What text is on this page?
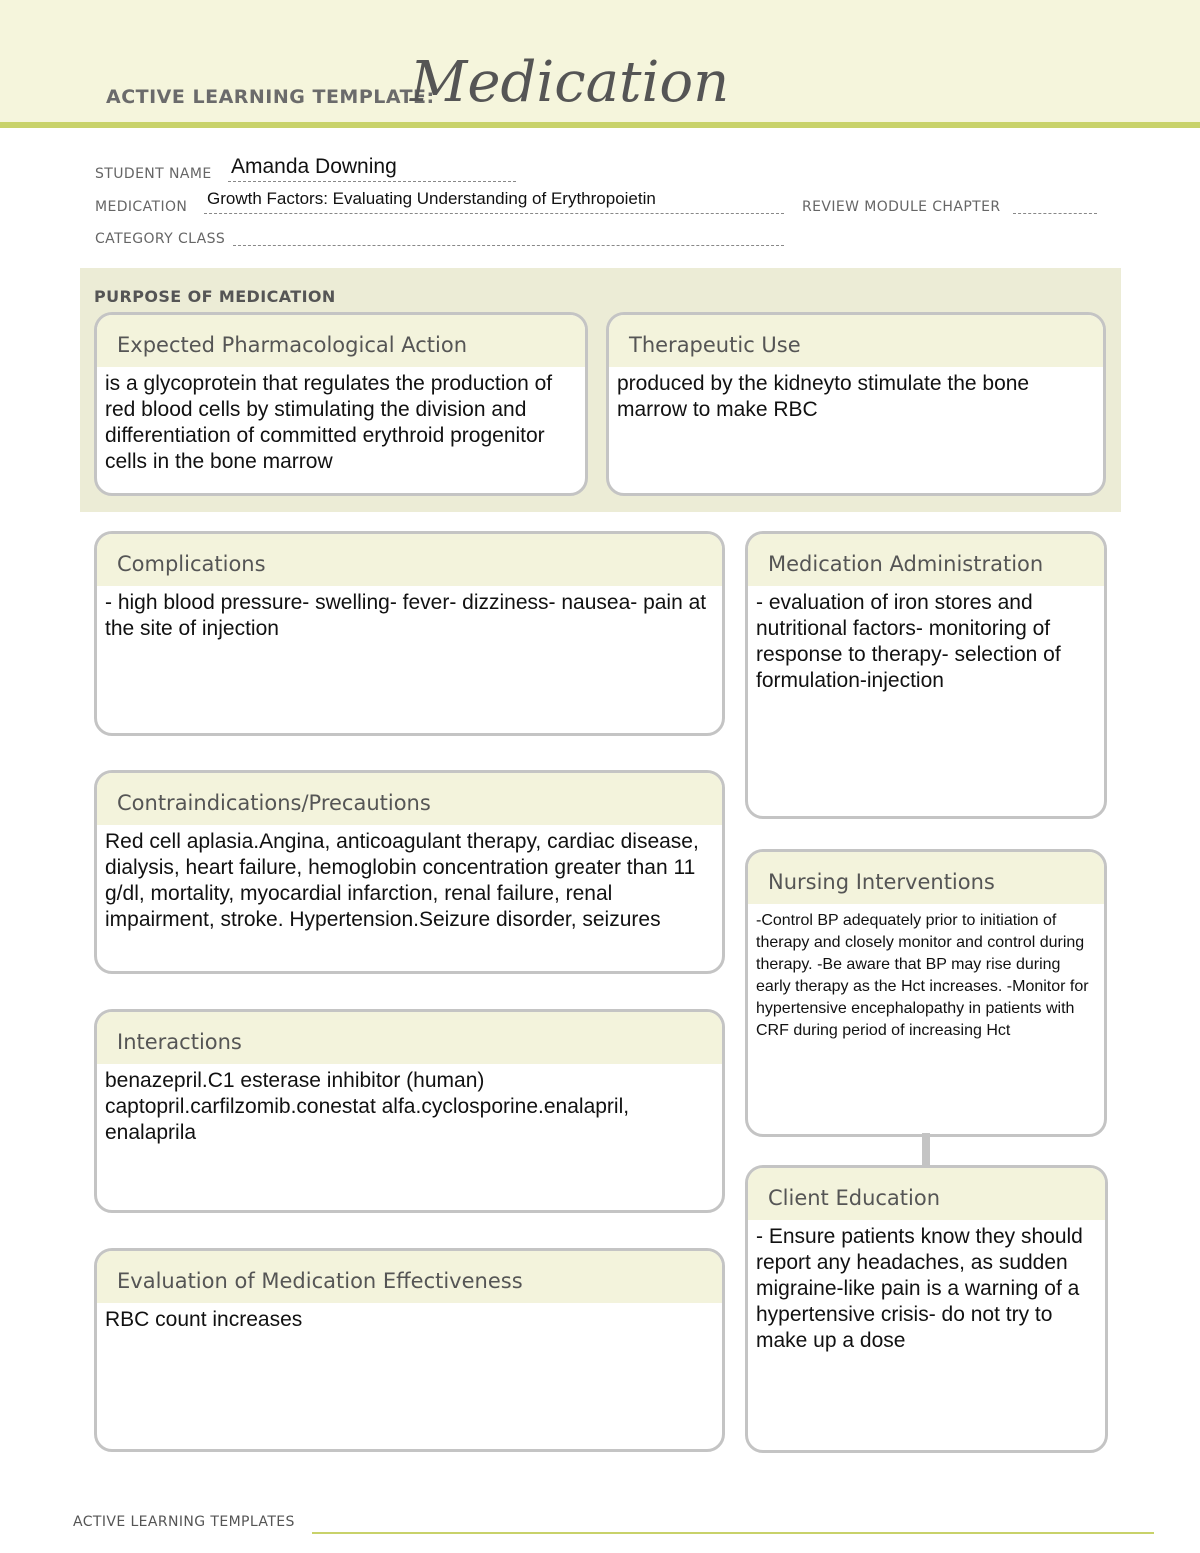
ACTIVE LEARNING TEMPLATE:
Medication
STUDENT NAME Amanda Downing
MEDICATION Growth Factors: Evaluating Understanding of Erythropoietin	REVIEW MODULE CHAPTER
CATEGORY CLASS
PURPOSE OF MEDICATION
Expected Pharmacological Action
is a glycoprotein that regulates the production of red blood cells by stimulating the division and differentiation of committed erythroid progenitor cells in the bone marrow
Therapeutic Use
produced by the kidneyto stimulate the bone marrow to make RBC
Complications
- high blood pressure- swelling- fever- dizziness- nausea- pain at the site of injection
Contraindications/Precautions
Red cell aplasia.Angina, anticoagulant therapy, cardiac disease, dialysis, heart failure, hemoglobin concentration greater than 11 g/dl, mortality, myocardial infarction, renal failure, renal impairment, stroke. Hypertension.Seizure disorder, seizures
Interactions
benazepril.C1 esterase inhibitor (human) captopril.carfilzomib.conestat alfa.cyclosporine.enalapril, enalaprila
Evaluation of Medication Effectiveness
RBC count increases
Medication Administration
- evaluation of iron stores and nutritional factors- monitoring of response to therapy- selection of formulation-injection
Nursing Interventions
-Control BP adequately prior to initiation of therapy and closely monitor and control during therapy. -Be aware that BP may rise during early therapy as the Hct increases. -Monitor for hypertensive encephalopathy in patients with CRF during period of increasing Hct
Client Education
- Ensure patients know they should report any headaches, as sudden migraine-like pain is a warning of a hypertensive crisis- do not try to make up a dose
ACTIVE LEARNING TEMPLATES
